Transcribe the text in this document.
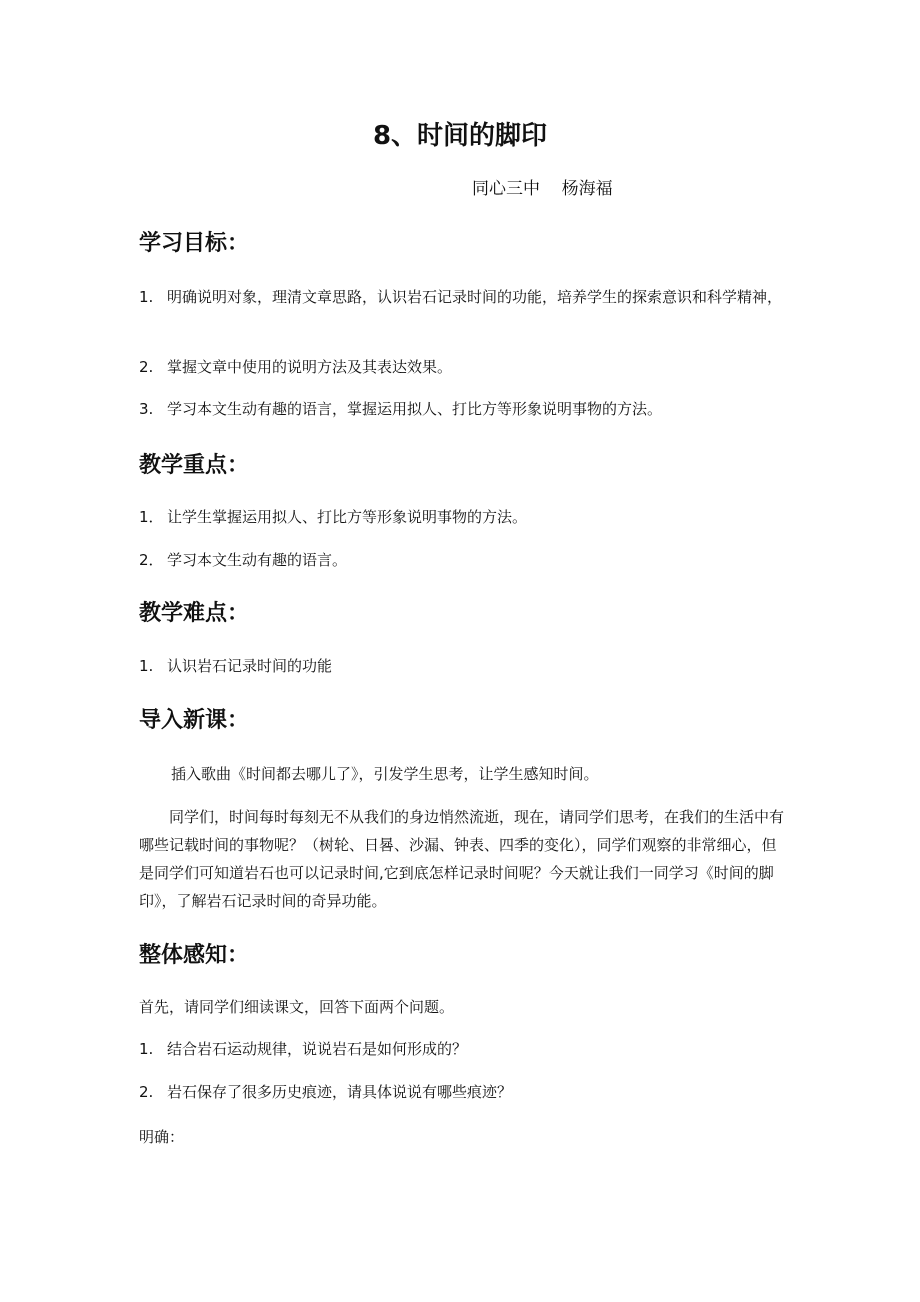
8、时间的脚印
同心三中    杨海福
学习目标：
1. 明确说明对象，理清文章思路，认识岩石记录时间的功能，培养学生的探索意识和科学精神，
2. 掌握文章中使用的说明方法及其表达效果。
3. 学习本文生动有趣的语言，掌握运用拟人、打比方等形象说明事物的方法。
教学重点：
1． 让学生掌握运用拟人、打比方等形象说明事物的方法。
2． 学习本文生动有趣的语言。
教学难点：
1. 认识岩石记录时间的功能
导入新课：
插入歌曲《时间都去哪儿了》，引发学生思考，让学生感知时间。
同学们，时间每时每刻无不从我们的身边悄然流逝，现在，请同学们思考，在我们的生活中有哪些记载时间的事物呢？（树轮、日晷、沙漏、钟表、四季的变化），同学们观察的非常细心，但是同学们可知道岩石也可以记录时间,它到底怎样记录时间呢？今天就让我们一同学习《时间的脚印》，了解岩石记录时间的奇异功能。
整体感知：
首先，请同学们细读课文，回答下面两个问题。
1. 结合岩石运动规律，说说岩石是如何形成的？
2. 岩石保存了很多历史痕迹，请具体说说有哪些痕迹？
明确：
